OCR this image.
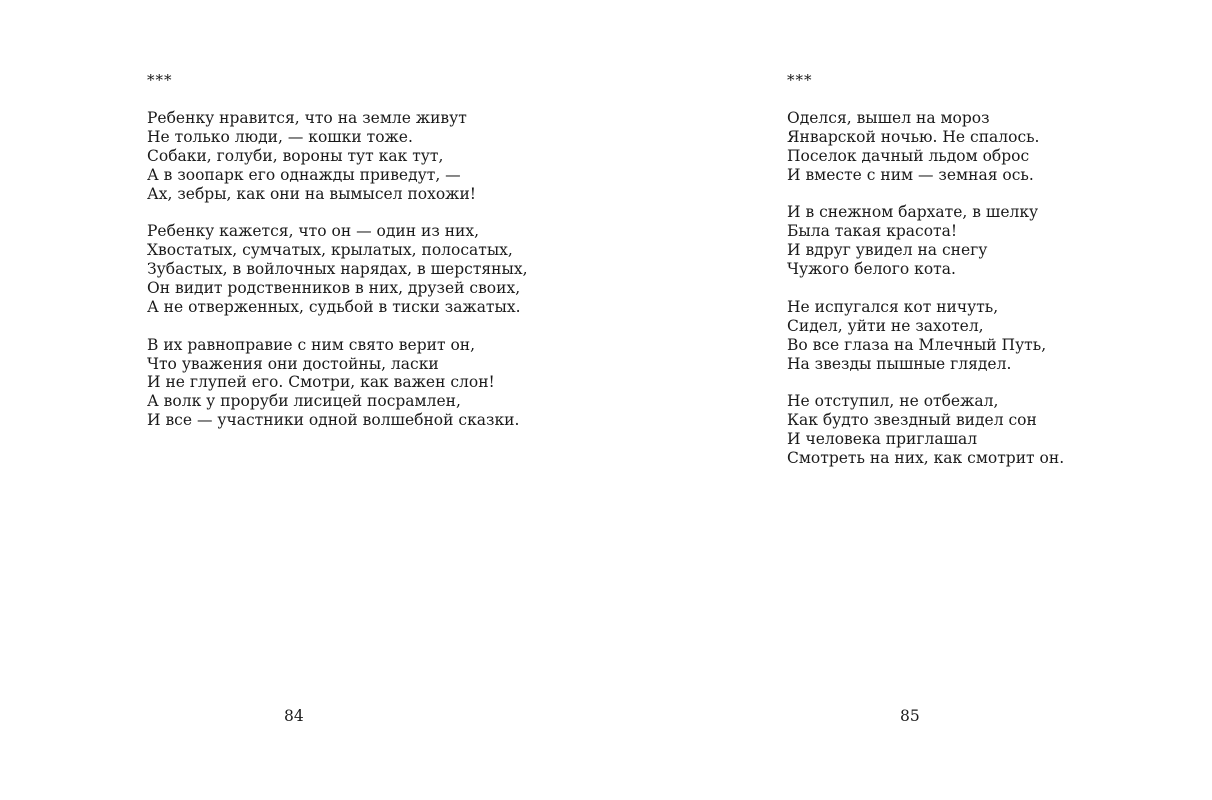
***
Ребенку нравится, что на земле живут
Не только люди, — кошки тоже.
Собаки, голуби, вороны тут как тут,
А в зоопарк его однажды приведут, —
Ах, зебры, как они на вымысел похожи!
Ребенку кажется, что он — один из них,
Хвостатых, сумчатых, крылатых, полосатых,
Зубастых, в войлочных нарядах, в шерстяных,
Он видит родственников в них, друзей своих,
А не отверженных, судьбой в тиски зажатых.
В их равноправие с ним свято верит он,
Что уважения они достойны, ласки
И не глупей его. Смотри, как важен слон!
А волк у проруби лисицей посрамлен,
И все — участники одной волшебной сказки.
84
***
Оделся, вышел на мороз
Январской ночью. Не спалось.
Поселок дачный льдом оброс
И вместе с ним — земная ось.
И в снежном бархате, в шелку
Была такая красота!
И вдруг увидел на снегу
Чужого белого кота.
Не испугался кот ничуть,
Сидел, уйти не захотел,
Во все глаза на Млечный Путь,
На звезды пышные глядел.
Не отступил, не отбежал,
Как будто звездный видел сон
И человека приглашал
Смотреть на них, как смотрит он.
85
